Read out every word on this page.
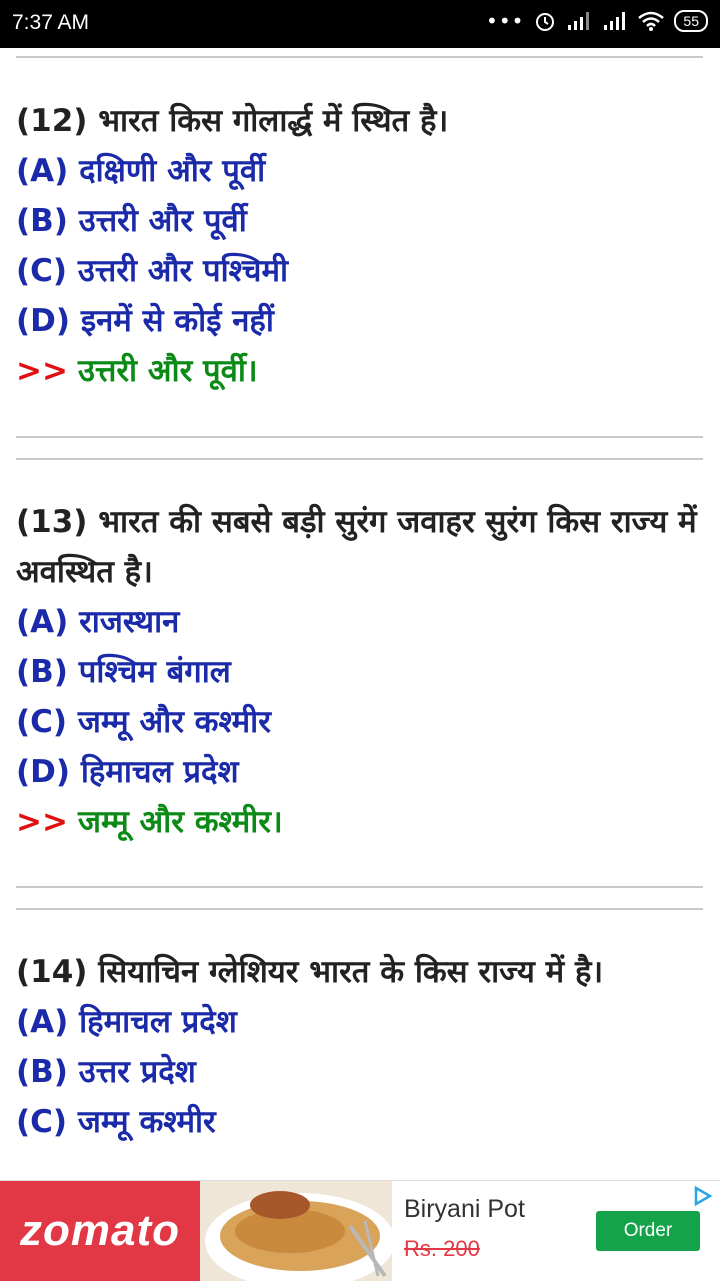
7:37 AM	•••	55

(12) भारत किस गोलार्द्ध में स्थित है।

(A) दक्षिणी और पूर्वी

(B) उत्तरी और पूर्वी

(C) उत्तरी और पश्चिमी

(D) इनमें से कोई नहीं

>> उत्तरी और पूर्वी।

(13) भारत की सबसे बड़ी सुरंग जवाहर सुरंग किस राज्य में अवस्थित है।

(A) राजस्थान

(B) पश्चिम बंगाल

(C) जम्मू और कश्मीर

(D) हिमाचल प्रदेश

>> जम्मू और कश्मीर।

(14) सियाचिन ग्लेशियर भारत के किस राज्य में है।

(A) हिमाचल प्रदेश

(B) उत्तर प्रदेश

(C) जम्मू कश्मीर

zomato	Biryani Pot
Rs. 200
Order
